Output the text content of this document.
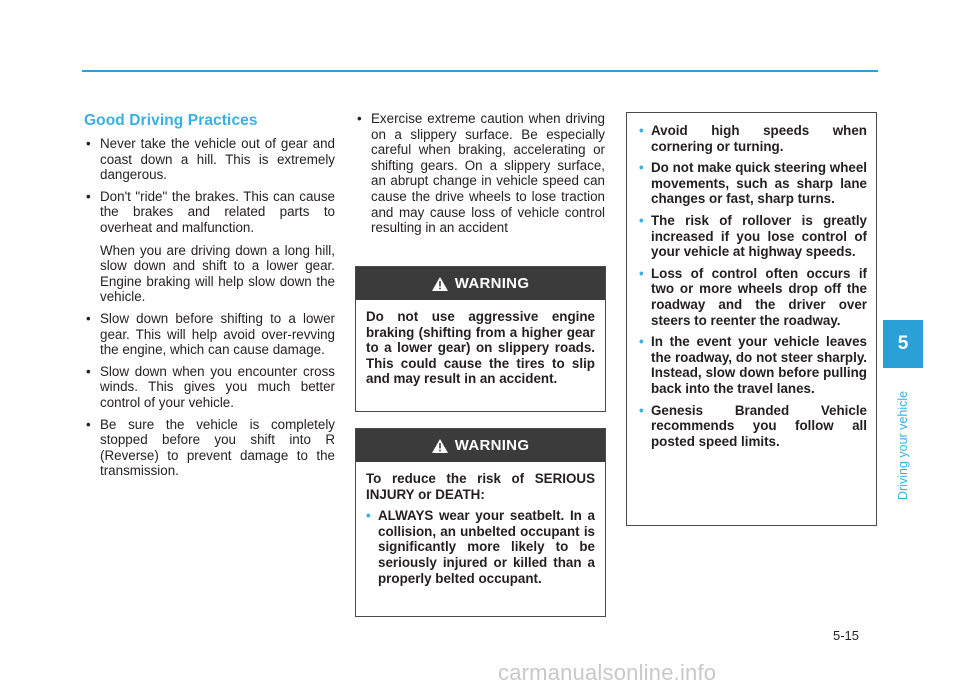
Good Driving Practices
• Never take the vehicle out of gear and coast down a hill. This is extremely dangerous.
• Don't "ride" the brakes. This can cause the brakes and related parts to overheat and malfunction.
When you are driving down a long hill, slow down and shift to a lower gear. Engine braking will help slow down the vehicle.
• Slow down before shifting to a lower gear. This will help avoid over-revving the engine, which can cause damage.
• Slow down when you encounter cross winds. This gives you much better control of your vehicle.
• Be sure the vehicle is completely stopped before you shift into R (Reverse) to prevent damage to the transmission.
• Exercise extreme caution when driving on a slippery surface. Be especially careful when braking, accelerating or shifting gears. On a slippery surface, an abrupt change in vehicle speed can cause the drive wheels to lose traction and may cause loss of vehicle control resulting in an accident
WARNING

Do not use aggressive engine braking (shifting from a higher gear to a lower gear) on slippery roads. This could cause the tires to slip and may result in an accident.

WARNING

To reduce the risk of SERIOUS INJURY or DEATH:

• ALWAYS wear your seatbelt. In a collision, an unbelted occupant is significantly more likely to be seriously injured or killed than a properly belted occupant.
• Avoid high speeds when cornering or turning.
• Do not make quick steering wheel movements, such as sharp lane changes or fast, sharp turns.
• The risk of rollover is greatly increased if you lose control of your vehicle at highway speeds.
• Loss of control often occurs if two or more wheels drop off the roadway and the driver over steers to reenter the roadway.
• In the event your vehicle leaves the roadway, do not steer sharply. Instead, slow down before pulling back into the travel lanes.
• Genesis Branded Vehicle recommends you follow all posted speed limits.
5
Driving your vehicle
5-15
carmanualsonline.info
